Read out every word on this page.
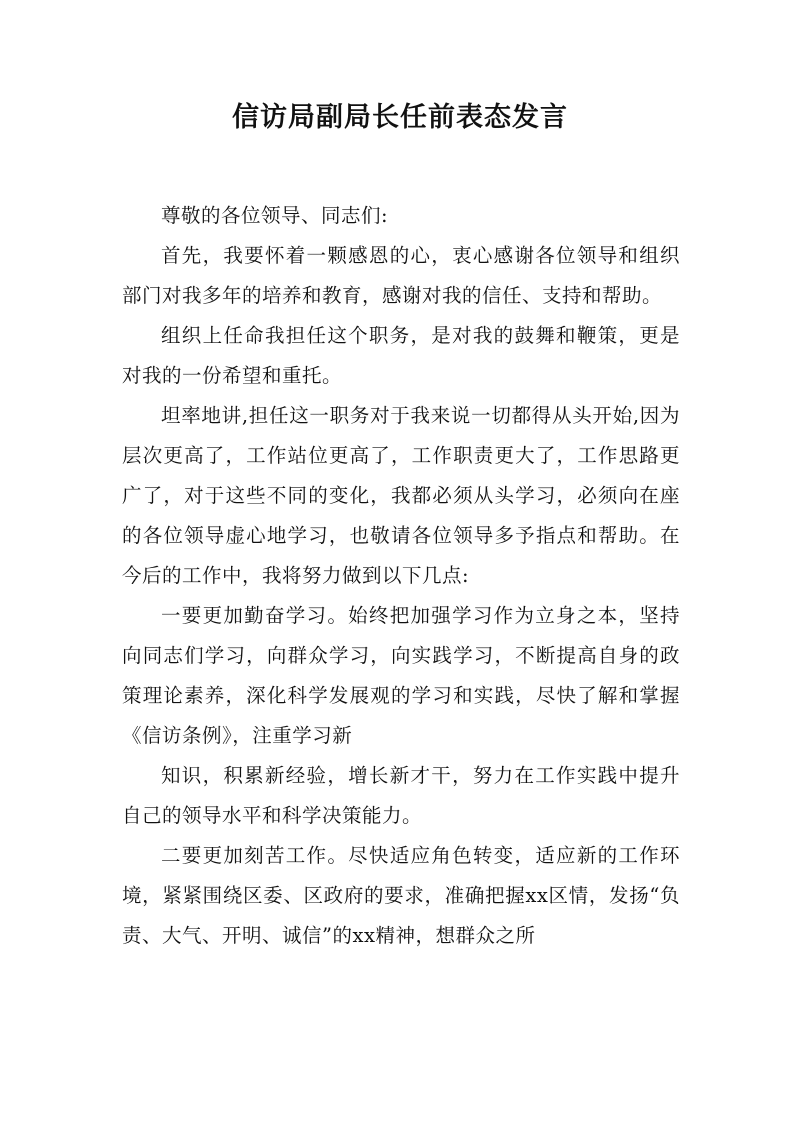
信访局副局长任前表态发言

尊敬的各位领导、同志们:

首先，我要怀着一颗感恩的心，衷心感谢各位领导和组织部门对我多年的培养和教育，感谢对我的信任、支持和帮助。

组织上任命我担任这个职务，是对我的鼓舞和鞭策，更是对我的一份希望和重托。

坦率地讲,担任这一职务对于我来说一切都得从头开始,因为层次更高了，工作站位更高了，工作职责更大了，工作思路更广了，对于这些不同的变化，我都必须从头学习，必须向在座的各位领导虚心地学习，也敬请各位领导多予指点和帮助。在今后的工作中，我将努力做到以下几点:

一要更加勤奋学习。始终把加强学习作为立身之本，坚持向同志们学习，向群众学习，向实践学习，不断提高自身的政策理论素养，深化科学发展观的学习和实践，尽快了解和掌握《信访条例》，注重学习新

知识，积累新经验，增长新才干，努力在工作实践中提升自己的领导水平和科学决策能力。

二要更加刻苦工作。尽快适应角色转变，适应新的工作环境，紧紧围绕区委、区政府的要求，准确把握xx区情，发扬“负责、大气、开明、诚信”的xx精神，想群众之所
